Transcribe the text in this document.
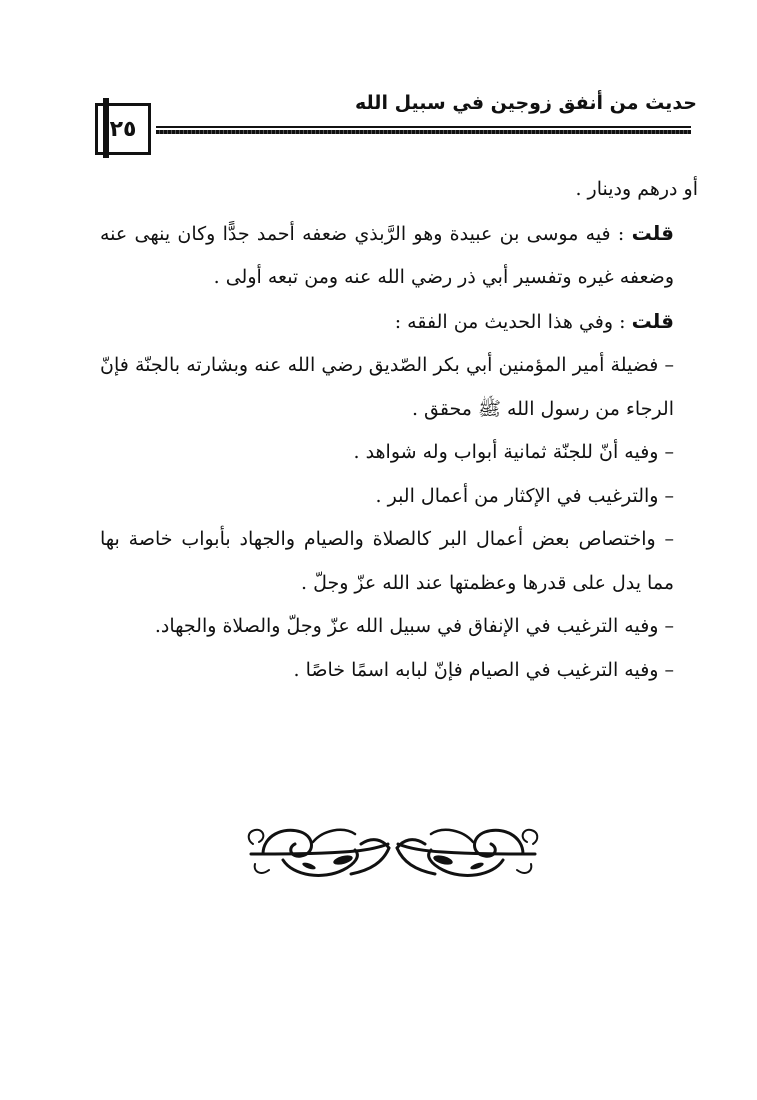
٢٥
حديث من أنفق زوجين في سبيل الله

أو درهم ودينار .

قلت : فيه موسى بن عبيدة وهو الرَّبذي ضعفه أحمد جدًّا وكان ينهى عنه وضعفه غيره وتفسير أبي ذر رضي الله عنه ومن تبعه أولى .

قلت : وفي هذا الحديث من الفقه :

– فضيلة أمير المؤمنين أبي بكر الصّديق رضي الله عنه وبشارته بالجنّة فإنّ الرجاء من رسول الله ﷺ محقق .

– وفيه أنّ للجنّة ثمانية أبواب وله شواهد .

– والترغيب في الإكثار من أعمال البر .

– واختصاص بعض أعمال البر كالصلاة والصيام والجهاد بأبواب خاصة بها مما يدل على قدرها وعظمتها عند الله عزّ وجلّ .

– وفيه الترغيب في الإنفاق في سبيل الله عزّ وجلّ والصلاة والجهاد.

– وفيه الترغيب في الصيام فإنّ لبابه اسمًا خاصًا .
